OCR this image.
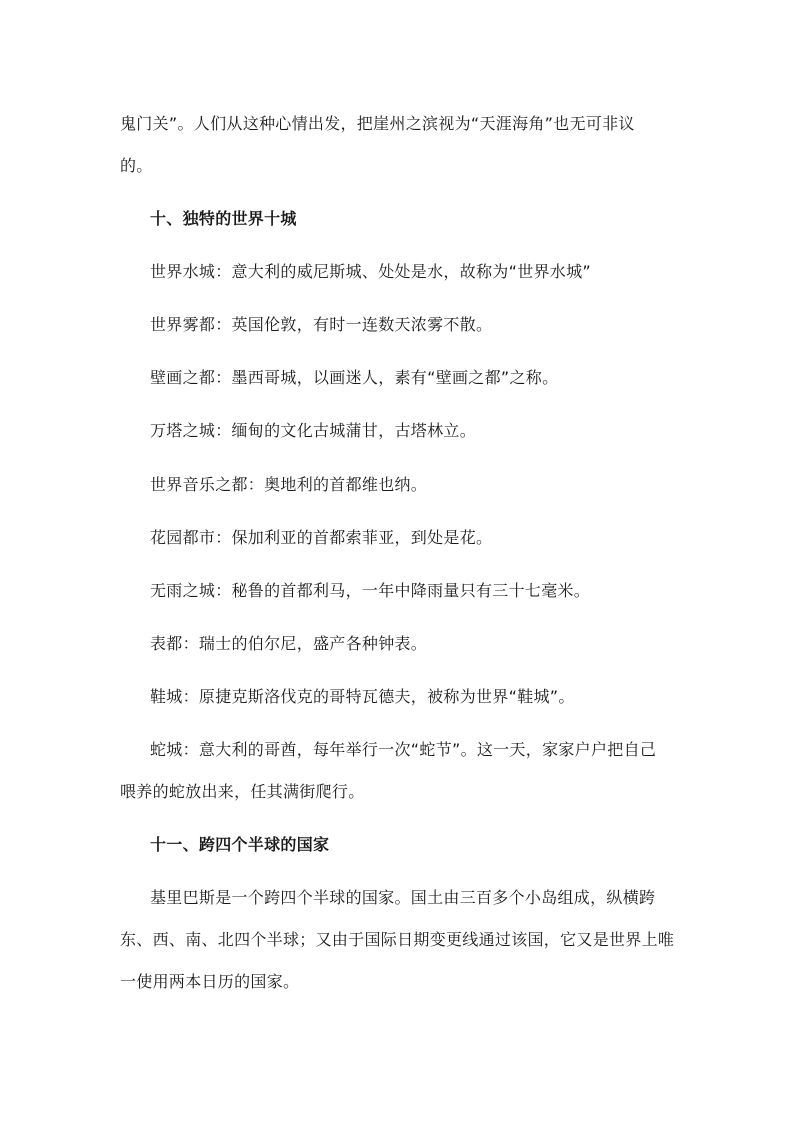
鬼门关”。人们从这种心情出发，把崖州之滨视为“天涯海角”也无可非议
的。
十、独特的世界十城
世界水城：意大利的威尼斯城、处处是水，故称为“世界水城”
世界雾都：英国伦敦，有时一连数天浓雾不散。
壁画之都：墨西哥城，以画迷人，素有“壁画之都”之称。
万塔之城：缅甸的文化古城蒲甘，古塔林立。
世界音乐之都：奥地利的首都维也纳。
花园都市：保加利亚的首都索菲亚，到处是花。
无雨之城：秘鲁的首都利马，一年中降雨量只有三十七毫米。
表都：瑞士的伯尔尼，盛产各种钟表。
鞋城：原捷克斯洛伐克的哥特瓦德夫，被称为世界“鞋城”。
蛇城：意大利的哥酋，每年举行一次“蛇节”。这一天，家家户户把自己
喂养的蛇放出来，任其满街爬行。
十一、跨四个半球的国家
基里巴斯是一个跨四个半球的国家。国土由三百多个小岛组成，纵横跨
东、西、南、北四个半球；又由于国际日期变更线通过该国，它又是世界上唯
一使用两本日历的国家。
